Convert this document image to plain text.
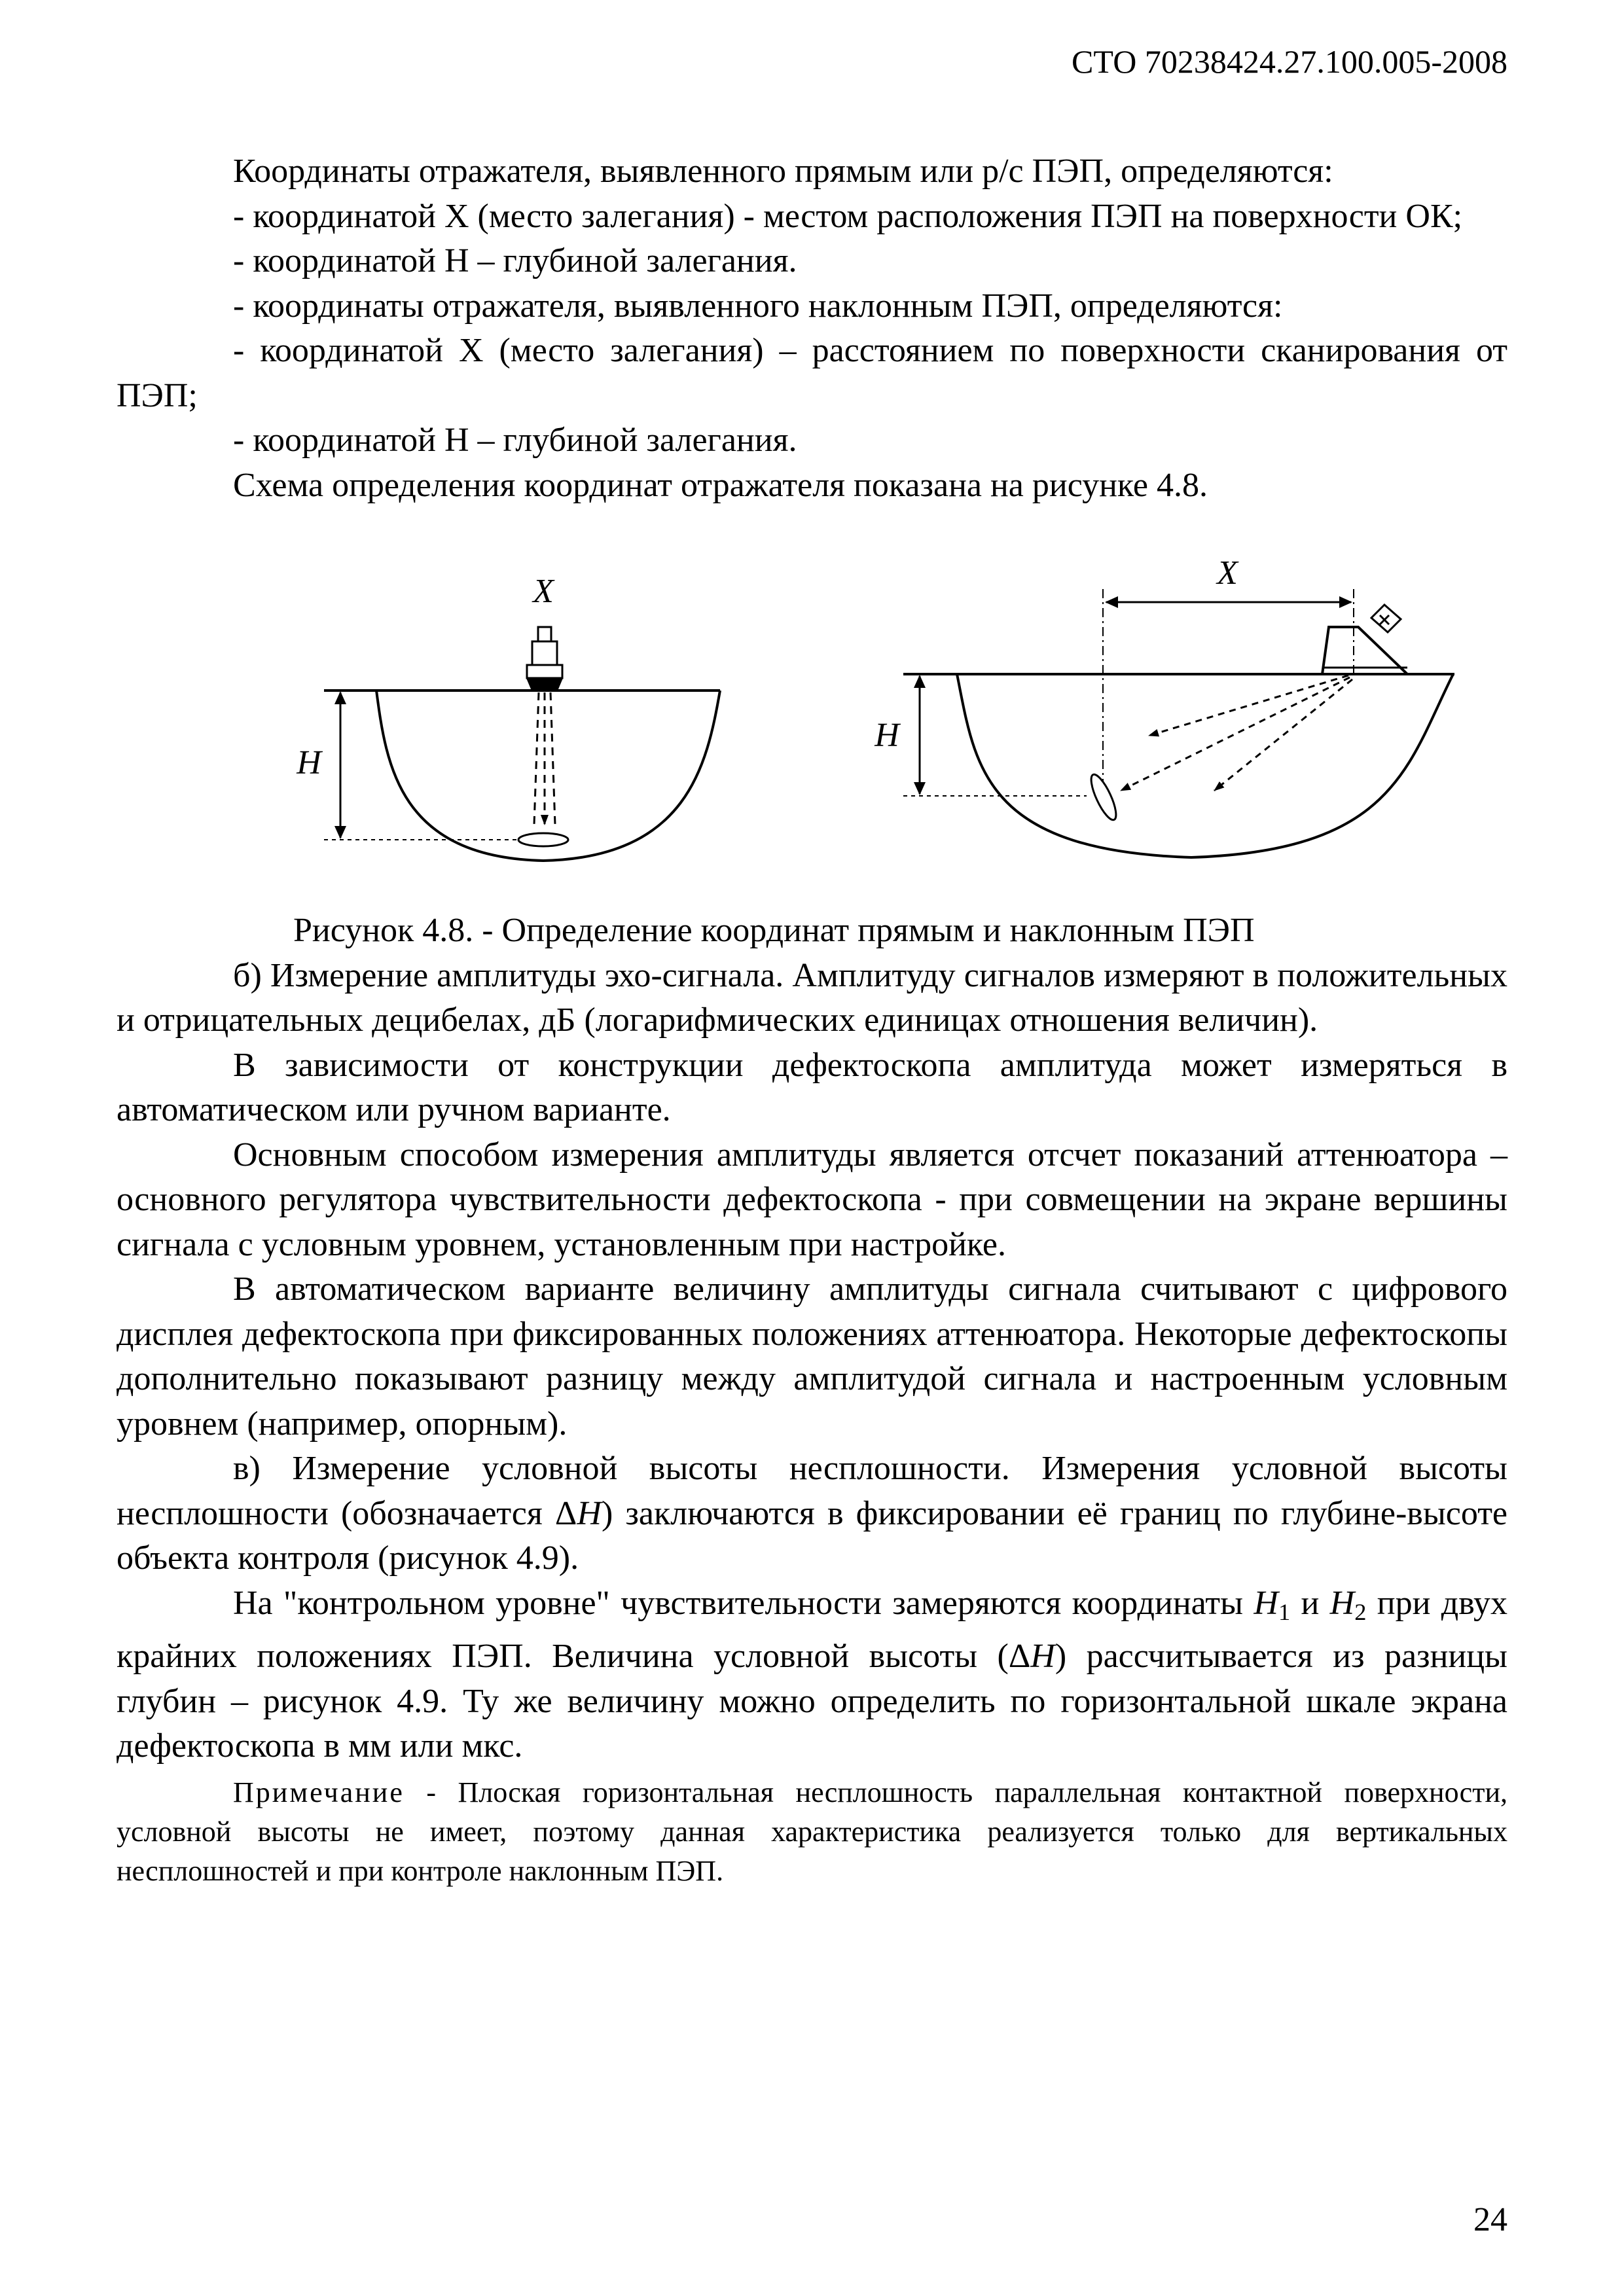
СТО 70238424.27.100.005-2008

Координаты отражателя, выявленного прямым или р/с ПЭП, определяются:

- координатой X (место залегания) - местом расположения ПЭП на поверхности ОК;

- координатой Н – глубиной залегания.

- координаты отражателя, выявленного наклонным ПЭП, определяются:

- координатой X (место залегания) – расстоянием по поверхности сканирования от ПЭП;

- координатой Н – глубиной залегания.

Схема определения координат отражателя показана на рисунке 4.8.

X
H
X
H

Рисунок 4.8. - Определение координат прямым и наклонным ПЭП

б) Измерение амплитуды эхо-сигнала. Амплитуду сигналов измеряют в положительных и отрицательных децибелах, дБ (логарифмических единицах отношения величин).

В зависимости от конструкции дефектоскопа амплитуда может измеряться в автоматическом или ручном варианте.

Основным способом измерения амплитуды является отсчет показаний аттенюатора – основного регулятора чувствительности дефектоскопа - при совмещении на экране вершины сигнала с условным уровнем, установленным при настройке.

В автоматическом варианте величину амплитуды сигнала считывают с цифрового дисплея дефектоскопа при фиксированных положениях аттенюатора. Некоторые дефектоскопы дополнительно показывают разницу между амплитудой сигнала и настроенным условным уровнем (например, опорным).

в) Измерение условной высоты несплошности. Измерения условной высоты несплошности (обозначается ΔH) заключаются в фиксировании её границ по глубине-высоте объекта контроля (рисунок 4.9).

На "контрольном уровне" чувствительности замеряются координаты $H_1$ и $H_2$ при двух крайних положениях ПЭП. Величина условной высоты (ΔH) рассчитывается из разницы глубин – рисунок 4.9. Ту же величину можно определить по горизонтальной шкале экрана дефектоскопа в мм или мкс.

Примечание - Плоская горизонтальная несплошность параллельная контактной поверхности, условной высоты не имеет, поэтому данная характеристика реализуется только для вертикальных несплошностей и при контроле наклонным ПЭП.

24
